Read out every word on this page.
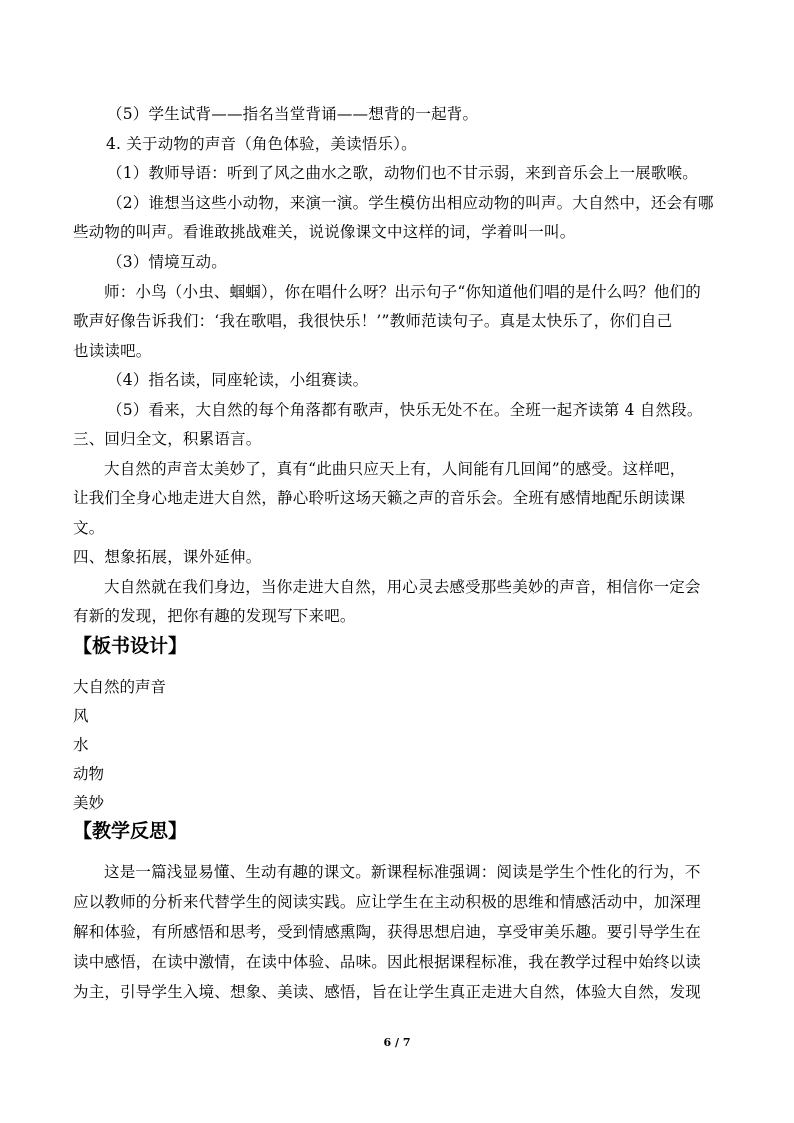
（5）学生试背——指名当堂背诵——想背的一起背。
4. 关于动物的声音（角色体验，美读悟乐）。
（1）教师导语：听到了风之曲水之歌，动物们也不甘示弱，来到音乐会上一展歌喉。
（2）谁想当这些小动物，来演一演。学生模仿出相应动物的叫声。大自然中，还会有哪
些动物的叫声。看谁敢挑战难关，说说像课文中这样的词，学着叫一叫。
（3）情境互动。
师：小鸟（小虫、蝈蝈），你在唱什么呀？出示句子“你知道他们唱的是什么吗？他们的
歌声好像告诉我们：‘我在歌唱，我很快乐！’”教师范读句子。真是太快乐了，你们自己
也读读吧。
（4）指名读，同座轮读，小组赛读。
（5）看来，大自然的每个角落都有歌声，快乐无处不在。全班一起齐读第 4 自然段。
三、回归全文，积累语言。
大自然的声音太美妙了，真有“此曲只应天上有，人间能有几回闻”的感受。这样吧，
让我们全身心地走进大自然，静心聆听这场天籁之声的音乐会。全班有感情地配乐朗读课
文。
四、想象拓展，课外延伸。
大自然就在我们身边，当你走进大自然，用心灵去感受那些美妙的声音，相信你一定会
有新的发现，把你有趣的发现写下来吧。
【板书设计】
大自然的声音
风
水
动物
美妙
【教学反思】
这是一篇浅显易懂、生动有趣的课文。新课程标准强调：阅读是学生个性化的行为，不
应以教师的分析来代替学生的阅读实践。应让学生在主动积极的思维和情感活动中，加深理
解和体验，有所感悟和思考，受到情感熏陶，获得思想启迪，享受审美乐趣。要引导学生在
读中感悟，在读中激情，在读中体验、品味。因此根据课程标准，我在教学过程中始终以读
为主，引导学生入境、想象、美读、感悟，旨在让学生真正走进大自然，体验大自然，发现
6 / 7
